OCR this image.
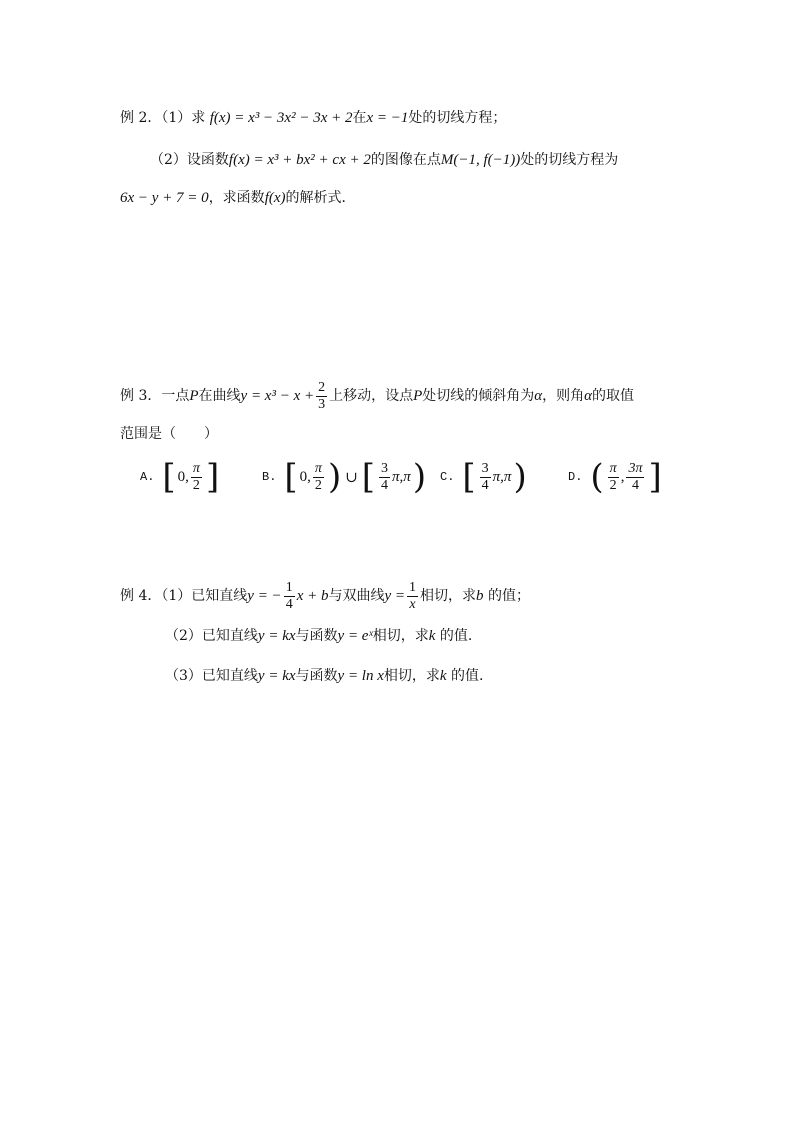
例 2．（1）求 f(x) = x³ − 3x² − 3x + 2在x = −1处的切线方程；
（2）设函数f(x) = x³ + bx² + cx + 2的图像在点M(−1, f(−1))处的切线方程为
6x − y + 7 = 0，求函数f(x)的解析式．
例 3．一点P在曲线$y = x^3 - x + \frac{2}{3}$ 上移动，设点P处切线的倾斜角为α，则角α的取值
范围是（　　）
A. [ 0, $\frac{\pi}{2}$ ]	B. [ 0, $\frac{\pi}{2}$ ) ∪ [ $\frac{3}{4} \pi,\pi$ ) C. [ $\frac{3}{4} \pi,\pi$ )	D. ( $\frac{\pi}{2}$ , $\frac{3\pi}{4}$ ]
例 4．（1）已知直线y = − $\frac{1}{4}$ x + b与双曲线$y = \frac{1}{x}$ 相切，求b 的值；
（2）已知直线y = kx与函数y = eˣ相切，求k 的值.
（3）已知直线y = kx与函数y = ln x相切，求k 的值.
